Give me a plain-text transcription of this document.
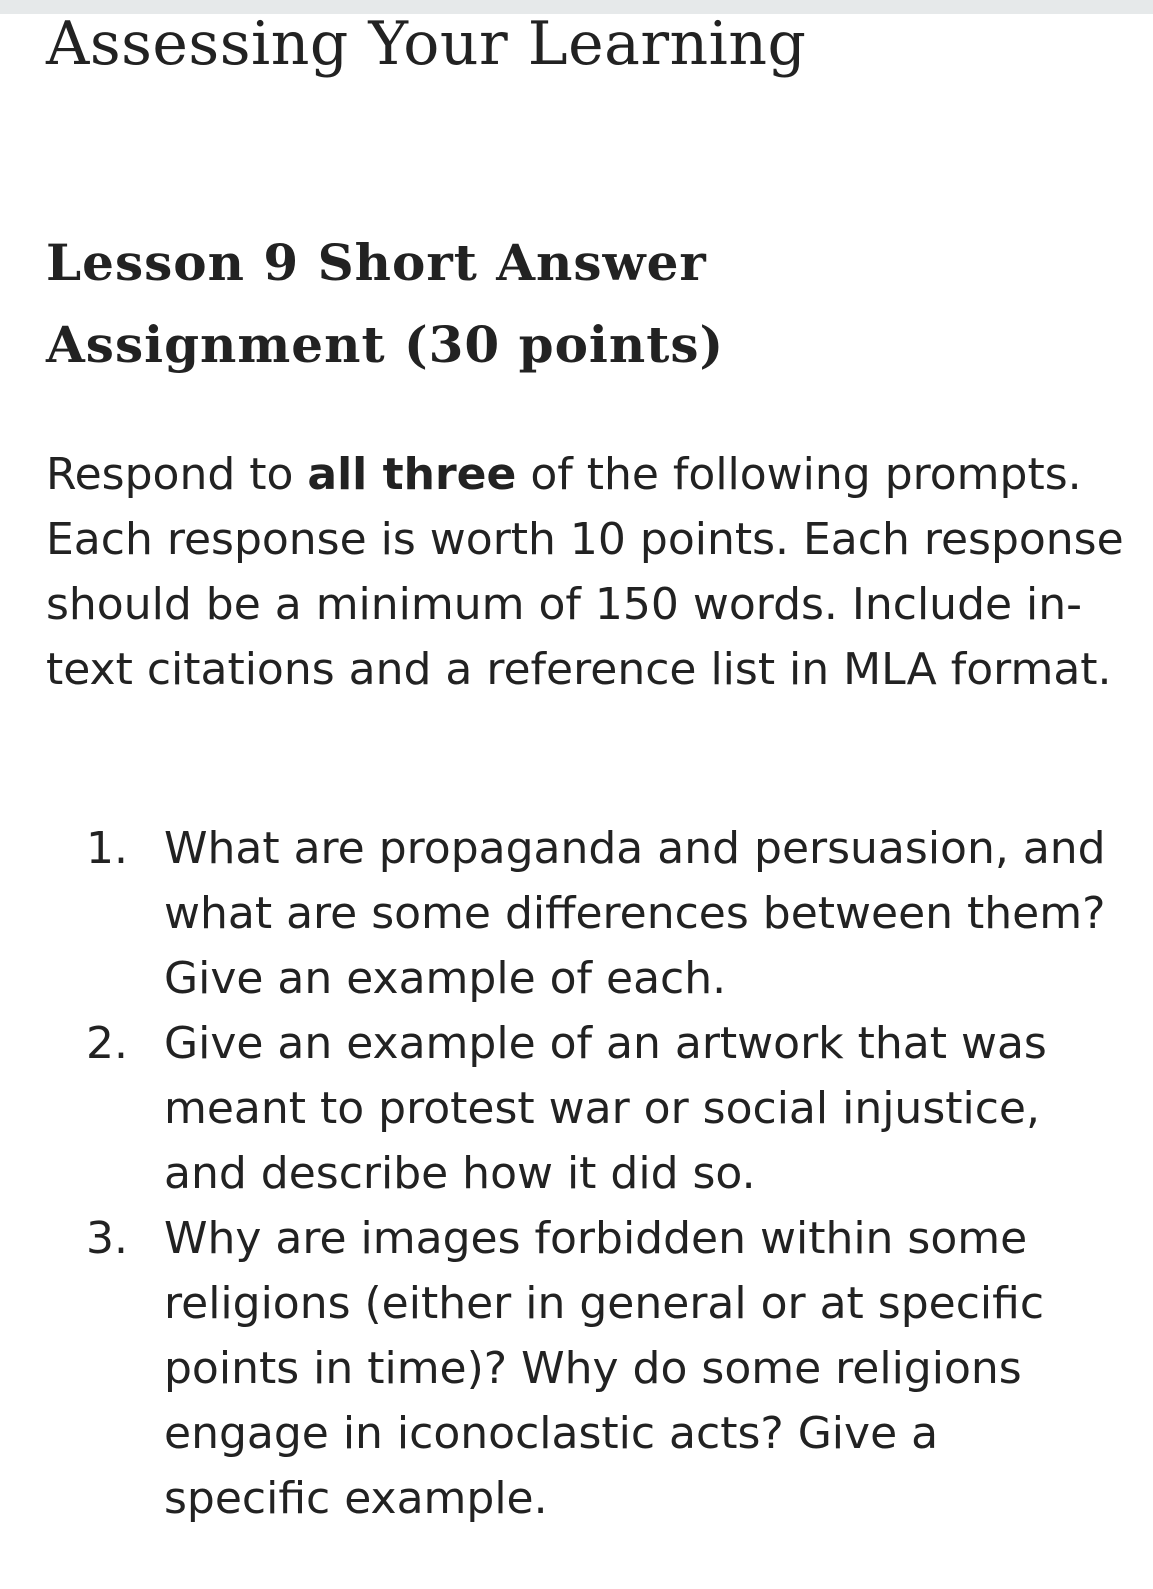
Assessing Your Learning
Lesson 9 Short Answer Assignment (30 points)

Respond to all three of the following prompts. Each response is worth 10 points. Each response should be a minimum of 150 words. Include in-text citations and a reference list in MLA format.

1. What are propaganda and persuasion, and what are some differences between them? Give an example of each.
2. Give an example of an artwork that was meant to protest war or social injustice, and describe how it did so.
3. Why are images forbidden within some religions (either in general or at specific points in time)? Why do some religions engage in iconoclastic acts? Give a specific example.
